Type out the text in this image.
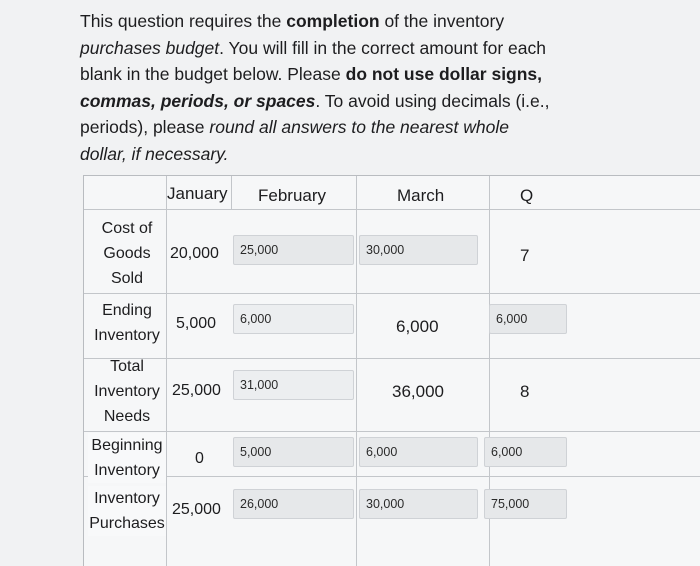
This question requires the completion of the inventory purchases budget. You will fill in the correct amount for each blank in the budget below. Please do not use dollar signs, commas, periods, or spaces. To avoid using decimals (i.e., periods), please round all answers to the nearest whole dollar, if necessary.
January February	March	Q
Cost of
Goods
Sold
20,000	25,000	30,000	7
Ending
Inventory
5,000	6,000	6,000	6,000
Total
Inventory
Needs
25,000	31,000	36,000	8
Beginning
Inventory
0	5,000	6,000	6,000
Inventory
Purchases
25,000	26,000	30,000	75,000
